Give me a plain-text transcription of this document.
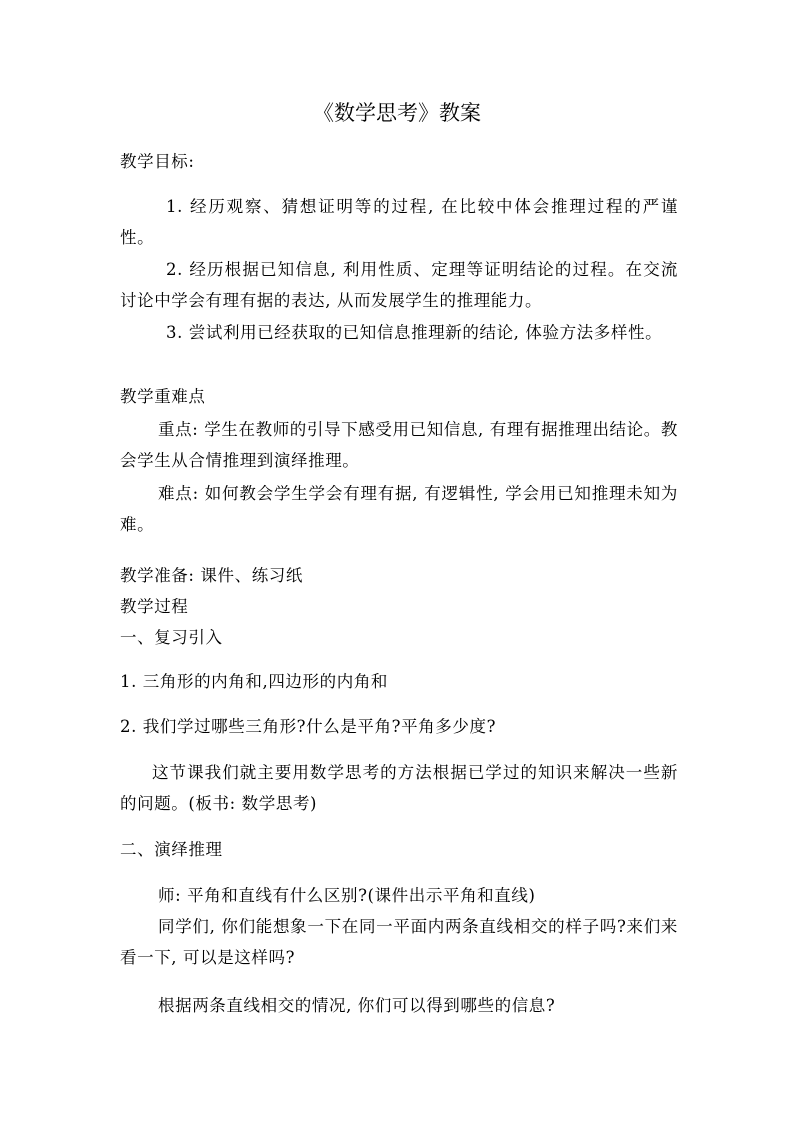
《数学思考》教案
教学目标:
1. 经历观察、猜想证明等的过程, 在比较中体会推理过程的严谨性。
2. 经历根据已知信息, 利用性质、定理等证明结论的过程。在交流讨论中学会有理有据的表达, 从而发展学生的推理能力。
3. 尝试利用已经获取的已知信息推理新的结论, 体验方法多样性。
教学重难点
重点: 学生在教师的引导下感受用已知信息, 有理有据推理出结论。教会学生从合情推理到演绎推理。
难点: 如何教会学生学会有理有据, 有逻辑性, 学会用已知推理未知为难。
教学准备: 课件、练习纸
教学过程
一、复习引入
1. 三角形的内角和,四边形的内角和
2. 我们学过哪些三角形?什么是平角?平角多少度?
这节课我们就主要用数学思考的方法根据已学过的知识来解决一些新的问题。(板书: 数学思考)
二、演绎推理
师: 平角和直线有什么区别?(课件出示平角和直线)
同学们, 你们能想象一下在同一平面内两条直线相交的样子吗?来们来看一下, 可以是这样吗?
根据两条直线相交的情况, 你们可以得到哪些的信息?
